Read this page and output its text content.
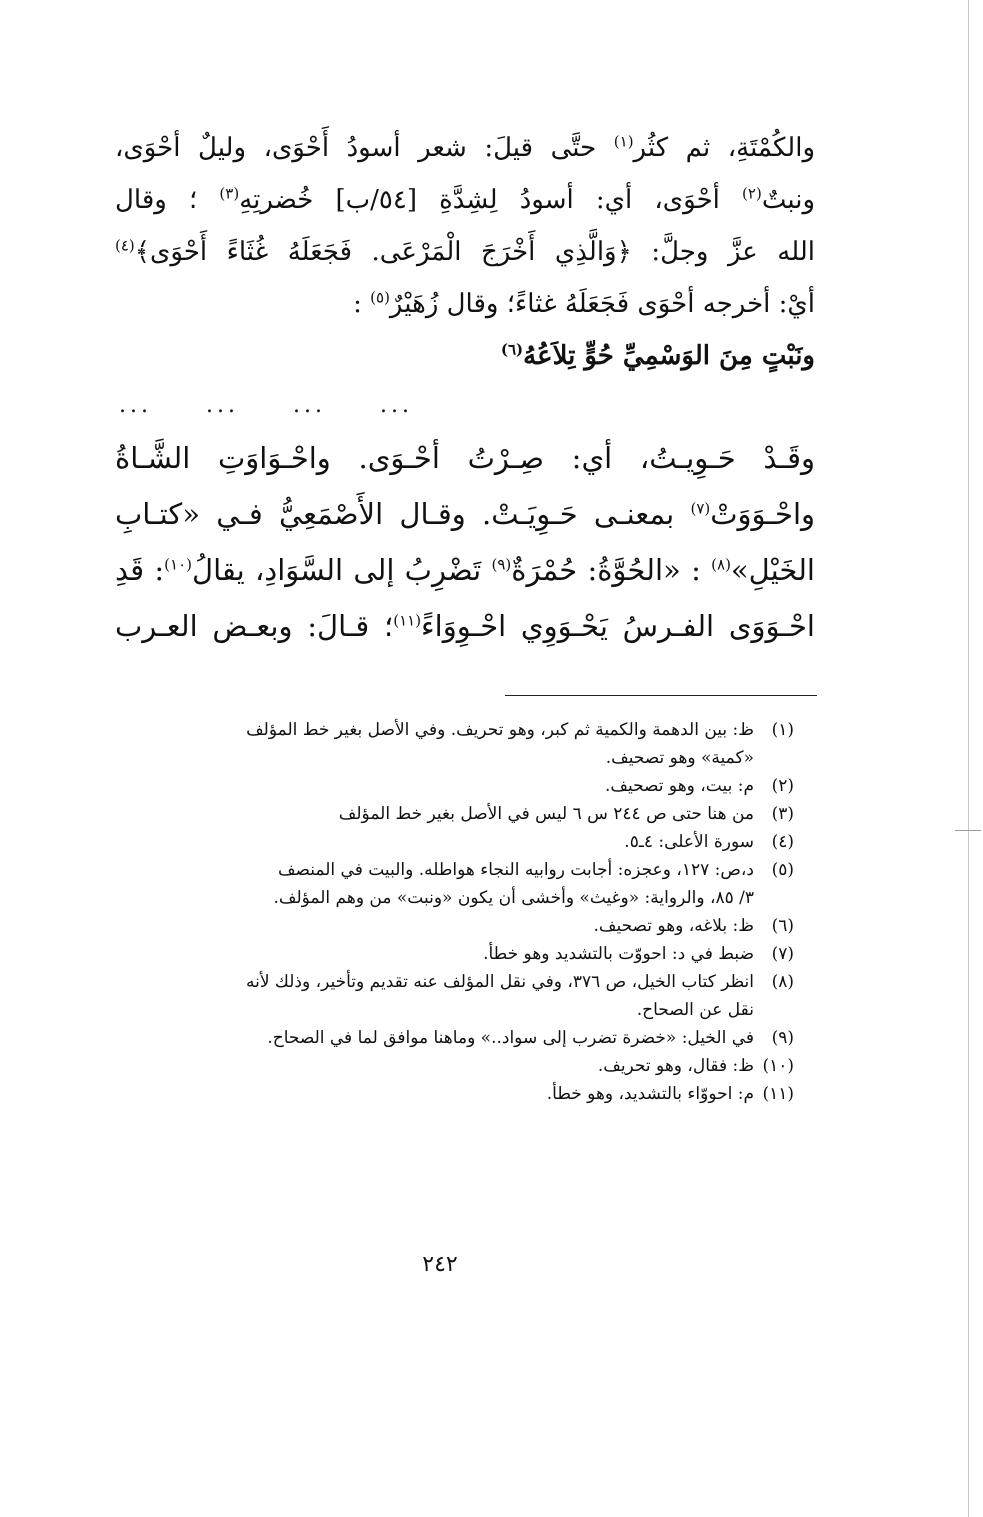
والكُمْتَةِ، ثم كثُر$^{(١)}$ حتَّى قيلَ: شعر أسودُ أَحْوَى، وليلٌ أحْوَى،
ونبتٌ$^{(٢)}$ أحْوَى، أي: أسودُ لِشِدَّةِ [٥٤/ب] خُضرتِهِ$^{(٣)}$ ؛ وقال
الله عزَّ وجلَّ: ﴿وَالَّذِي أَخْرَجَ الْمَرْعَى. فَجَعَلَهُ غُثَاءً أَحْوَى﴾$^{(٤)}$
أيْ: أخرجه أحْوَى فَجَعَلَهُ غثاءً؛ وقال زُهَيْرٌ$^{(٥)}$ :
ونَبْتٍ مِنَ الوَسْمِيِّ حُوٍّ تِلاَعُهُ$^{(٦)}$
... ... ... ...
وقَـدْ حَـوِيـتُ، أي: صِـرْتُ أحْـوَى. واحْـوَاوَتِ الشَّـاةُ
واحْـوَوَتْ$^{(٧)}$ بمعنـى حَـوِيَـتْ. وقـال الأَصْمَعِيُّ فـي «كتـابِ
الخَيْلِ»$^{(٨)}$ : «الحُوَّةُ: حُمْرَةٌ$^{(٩)}$ تَضْرِبُ إلى السَّوَادِ، يقالُ$^{(١٠)}$: قَدِ
احْـوَوَى الفـرسُ يَحْـوَوِي احْـوِوَاءً$^{(١١)}$؛ قـالَ: وبعـض العـرب
(١)
ظ: بين الدهمة والكمية ثم كبر، وهو تحريف. وفي الأصل بغير خط المؤلف
«كمية» وهو تصحيف.
(٢)
م: بيت، وهو تصحيف.
(٣)
من هنا حتى ص ٢٤٤ س ٦ ليس في الأصل بغير خط المؤلف
(٤)
سورة الأعلى: ٤ـ٥.
(٥)
د،ص: ١٢٧، وعجزه: أجابت روابيه النجاء هواطله. والبيت في المنصف
٣/ ٨٥، والرواية: «وغيث» وأخشى أن يكون «ونبت» من وهم المؤلف.
(٦)
ظ: بلاغه، وهو تصحيف.
(٧)
ضبط في د: احووّت بالتشديد وهو خطأ.
(٨)
انظر كتاب الخيل، ص ٣٧٦، وفي نقل المؤلف عنه تقديم وتأخير، وذلك لأنه
نقل عن الصحاح.
(٩)
في الخيل: «خضرة تضرب إلى سواد..» وماهنا موافق لما في الصحاح.
(١٠)
ظ: فقال، وهو تحريف.
(١١)
م: احووّاء بالتشديد، وهو خطأ.
٢٤٢
